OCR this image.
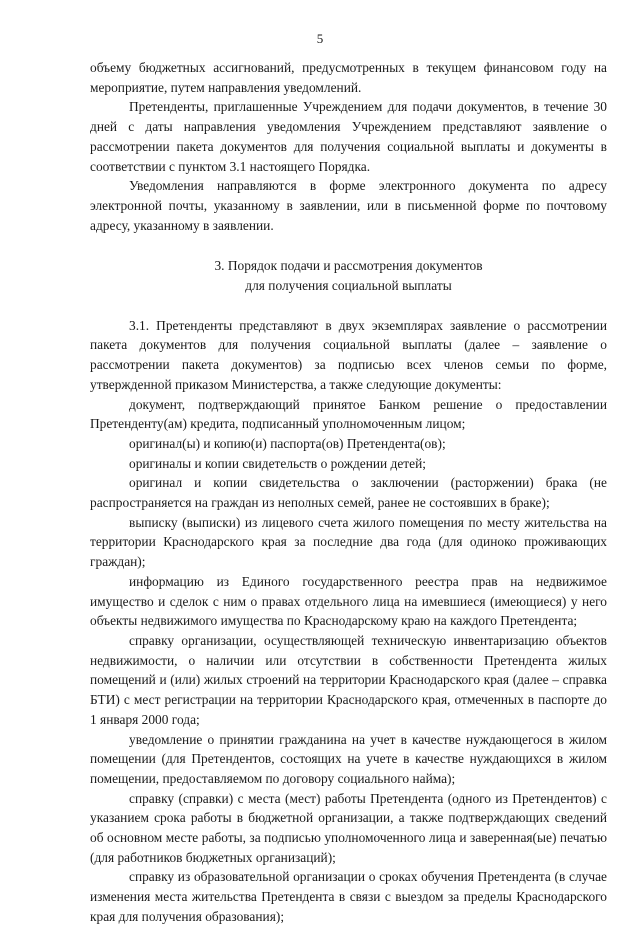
5

объему бюджетных ассигнований, предусмотренных в текущем финансовом году на мероприятие, путем направления уведомлений.

Претенденты, приглашенные Учреждением для подачи документов, в течение 30 дней с даты направления уведомления Учреждением представляют заявление о рассмотрении пакета документов для получения социальной выплаты и документы в соответствии с пунктом 3.1 настоящего Порядка.

Уведомления направляются в форме электронного документа по адресу электронной почты, указанному в заявлении, или в письменной форме по почтовому адресу, указанному в заявлении.

3. Порядок подачи и рассмотрения документов
для получения социальной выплаты

3.1. Претенденты представляют в двух экземплярах заявление о рассмотрении пакета документов для получения социальной выплаты (далее – заявление о рассмотрении пакета документов) за подписью всех членов семьи по форме, утвержденной приказом Министерства, а также следующие документы:

документ, подтверждающий принятое Банком решение о предоставлении Претенденту(ам) кредита, подписанный уполномоченным лицом;

оригинал(ы) и копию(и) паспорта(ов) Претендента(ов);

оригиналы и копии свидетельств о рождении детей;

оригинал и копии свидетельства о заключении (расторжении) брака (не распространяется на граждан из неполных семей, ранее не состоявших в браке);

выписку (выписки) из лицевого счета жилого помещения по месту жительства на территории Краснодарского края за последние два года (для одиноко проживающих граждан);

информацию из Единого государственного реестра прав на недвижимое имущество и сделок с ним о правах отдельного лица на имевшиеся (имеющиеся) у него объекты недвижимого имущества по Краснодарскому краю на каждого Претендента;

справку организации, осуществляющей техническую инвентаризацию объектов недвижимости, о наличии или отсутствии в собственности Претендента жилых помещений и (или) жилых строений на территории Краснодарского края (далее – справка БТИ) с мест регистрации на территории Краснодарского края, отмеченных в паспорте до 1 января 2000 года;

уведомление о принятии гражданина на учет в качестве нуждающегося в жилом помещении (для Претендентов, состоящих на учете в качестве нуждающихся в жилом помещении, предоставляемом по договору социального найма);

справку (справки) с места (мест) работы Претендента (одного из Претендентов) с указанием срока работы в бюджетной организации, а также подтверждающих сведений об основном месте работы, за подписью уполномоченного лица и заверенная(ые) печатью (для работников бюджетных организаций);

справку из образовательной организации о сроках обучения Претендента (в случае изменения места жительства Претендента в связи с выездом за пределы Краснодарского края для получения образования);
